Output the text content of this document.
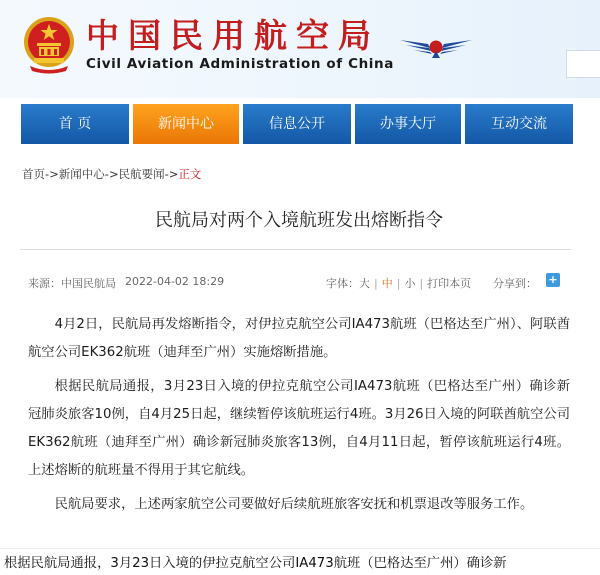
中国民用航空局
Civil Aviation Administration of China
首 页	新闻中心	信息公开	办事大厅	互动交流
首页->新闻中心->民航要闻->正文
民航局对两个入境航班发出熔断指令
来源：中国民航局 2022-04-02 18:29	字体：大 | 中 | 小 | 打印本页 分享到： +

4月2日，民航局再发熔断指令，对伊拉克航空公司IA473航班（巴格达至广州）、阿联酋航空公司EK362航班（迪拜至广州）实施熔断措施。

根据民航局通报，3月23日入境的伊拉克航空公司IA473航班（巴格达至广州）确诊新冠肺炎旅客10例，自4月25日起，继续暂停该航班运行4班。3月26日入境的阿联酋航空公司EK362航班（迪拜至广州）确诊新冠肺炎旅客13例，自4月11日起，暂停该航班运行4班。上述熔断的航班量不得用于其它航线。

民航局要求，上述两家航空公司要做好后续航班旅客安抚和机票退改等服务工作。

根据民航局通报，3月23日入境的伊拉克航空公司IA473航班（巴格达至广州）确诊新
